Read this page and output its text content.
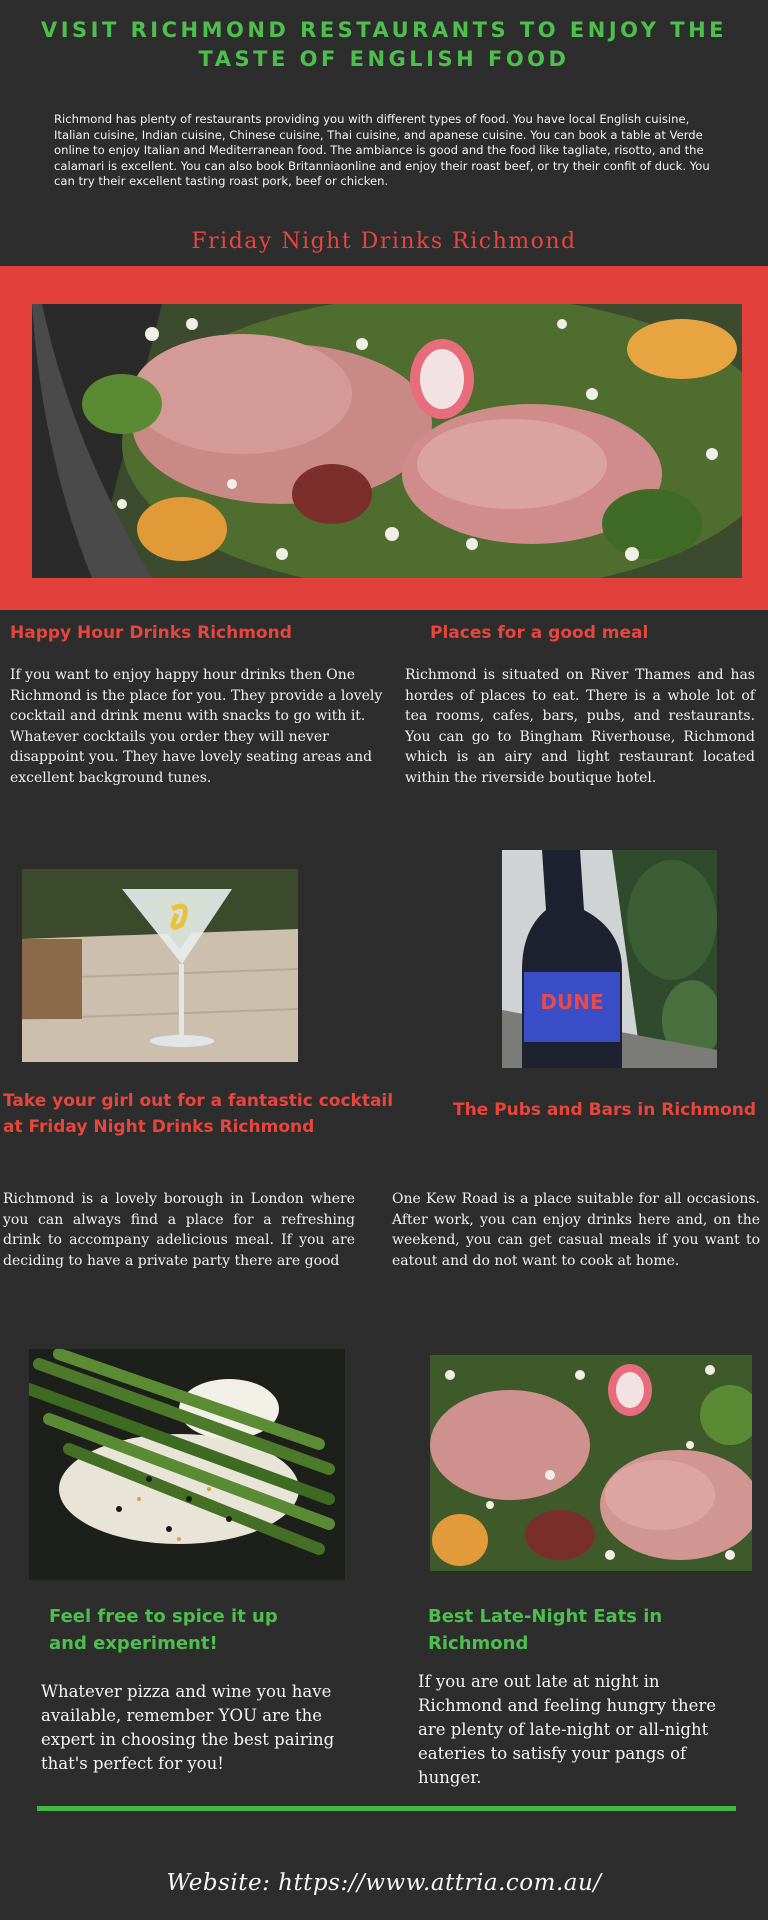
VISIT RICHMOND RESTAURANTS TO ENJOY THE TASTE OF ENGLISH FOOD
Richmond has plenty of restaurants providing you with different types of food. You have local English cuisine, Italian cuisine, Indian cuisine, Chinese cuisine, Thai cuisine, and apanese cuisine. You can book a table at Verde online to enjoy Italian and Mediterranean food. The ambiance is good and the food like tagliate, risotto, and the calamari is excellent. You can also book Britanniaonline and enjoy their roast beef, or try their confit of duck. You can try their excellent tasting roast pork, beef or chicken.
Friday Night Drinks Richmond
Happy Hour Drinks Richmond	Places for a good meal
If you want to enjoy happy hour drinks then One Richmond is the place for you. They provide a lovely cocktail and drink menu with snacks to go with it. Whatever cocktails you order they will never disappoint you. They have lovely seating areas and excellent background tunes.
Richmond is situated on River Thames and has hordes of places to eat. There is a whole lot of tea rooms, cafes, bars, pubs, and restaurants. You can go to Bingham Riverhouse, Richmond which is an airy and light restaurant located within the riverside boutique hotel.
DUNE
Take your girl out for a fantastic cocktail at Friday Night Drinks Richmond
The Pubs and Bars in Richmond
Richmond is a lovely borough in London where you can always find a place for a refreshing drink to accompany adelicious meal. If you are deciding to have a private party there are good
One Kew Road is a place suitable for all occasions. After work, you can enjoy drinks here and, on the weekend, you can get casual meals if you want to eatout and do not want to cook at home.
Feel free to spice it up and experiment!
Best Late-Night Eats in Richmond
Whatever pizza and wine you have available, remember YOU are the expert in choosing the best pairing that's perfect for you!
If you are out late at night in Richmond and feeling hungry there are plenty of late-night or all-night eateries to satisfy your pangs of hunger.
Website: https://www.attria.com.au/
